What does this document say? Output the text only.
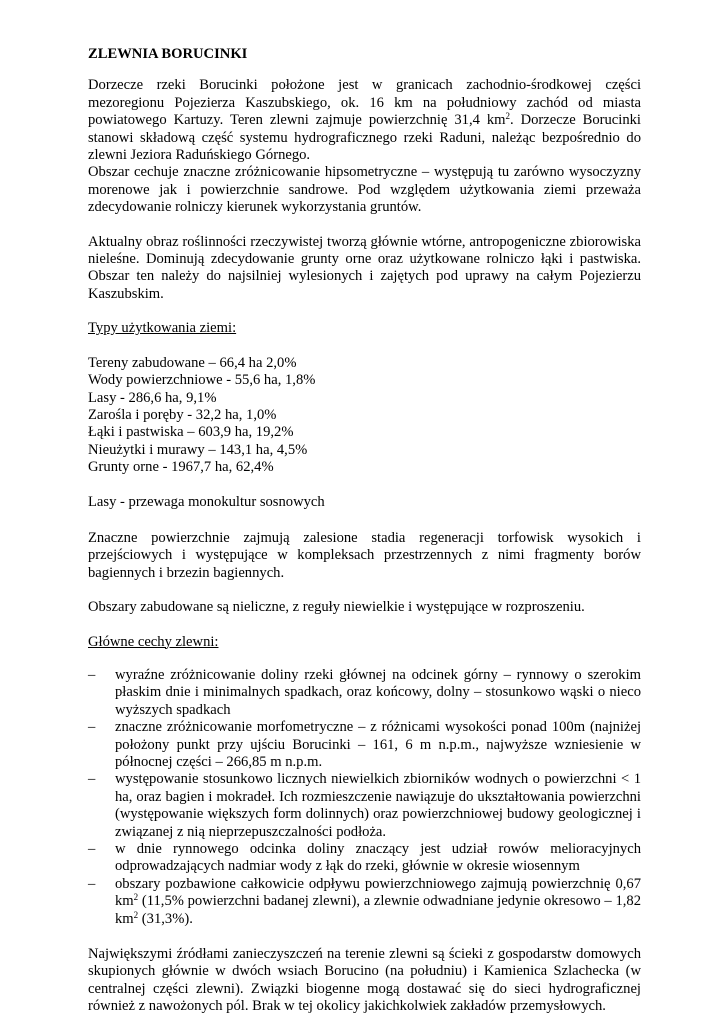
ZLEWNIA BORUCINKI

Dorzecze rzeki Borucinki położone jest w granicach zachodnio-środkowej części mezoregionu Pojezierza Kaszubskiego, ok. 16 km na południowy zachód od miasta powiatowego Kartuzy. Teren zlewni zajmuje powierzchnię 31,4 $km^2$. Dorzecze Borucinki stanowi składową część systemu hydrograficznego rzeki Raduni, należąc bezpośrednio do zlewni Jeziora Raduńskiego Górnego.

Obszar cechuje znaczne zróżnicowanie hipsometryczne – występują tu zarówno wysoczyzny morenowe jak i powierzchnie sandrowe. Pod względem użytkowania ziemi przeważa zdecydowanie rolniczy kierunek wykorzystania gruntów.

Aktualny obraz roślinności rzeczywistej tworzą głównie wtórne, antropogeniczne zbiorowiska nieleśne. Dominują zdecydowanie grunty orne oraz użytkowane rolniczo łąki i pastwiska. Obszar ten należy do najsilniej wylesionych i zajętych pod uprawy na całym Pojezierzu Kaszubskim.

Typy użytkowania ziemi:

Tereny zabudowane – 66,4 ha 2,0%

Wody powierzchniowe - 55,6 ha, 1,8%

Lasy - 286,6 ha, 9,1%

Zarośla i poręby - 32,2 ha, 1,0%

Łąki i pastwiska – 603,9 ha, 19,2%

Nieużytki i murawy – 143,1 ha, 4,5%

Grunty orne - 1967,7 ha, 62,4%

Lasy - przewaga monokultur sosnowych

Znaczne powierzchnie zajmują zalesione stadia regeneracji torfowisk wysokich i przejściowych i występujące w kompleksach przestrzennych z nimi fragmenty borów bagiennych i brzezin bagiennych.

Obszary zabudowane są nieliczne, z reguły niewielkie i występujące w rozproszeniu.

Główne cechy zlewni:

– wyraźne zróżnicowanie doliny rzeki głównej na odcinek górny – rynnowy o szerokim płaskim dnie i minimalnych spadkach, oraz końcowy, dolny – stosunkowo wąski o nieco wyższych spadkach
– znaczne zróżnicowanie morfometryczne – z różnicami wysokości ponad 100m (najniżej położony punkt przy ujściu Borucinki – 161, 6 m n.p.m., najwyższe wzniesienie w północnej części – 266,85 m n.p.m.
– występowanie stosunkowo licznych niewielkich zbiorników wodnych o powierzchni < 1 ha, oraz bagien i mokradeł. Ich rozmieszczenie nawiązuje do ukształtowania powierzchni (występowanie większych form dolinnych) oraz powierzchniowej budowy geologicznej i związanej z nią nieprzepuszczalności podłoża.
– w dnie rynnowego odcinka doliny znaczący jest udział rowów melioracyjnych odprowadzających nadmiar wody z łąk do rzeki, głównie w okresie wiosennym
– obszary pozbawione całkowicie odpływu powierzchniowego zajmują powierzchnię 0,67 $km^2$ (11,5% powierzchni badanej zlewni), a zlewnie odwadniane jedynie okresowo – 1,82 $km^2$ (31,3%).

Największymi źródłami zanieczyszczeń na terenie zlewni są ścieki z gospodarstw domowych skupionych głównie w dwóch wsiach Borucino (na południu) i Kamienica Szlachecka (w centralnej części zlewni). Związki biogenne mogą dostawać się do sieci hydrograficznej również z nawożonych pól. Brak w tej okolicy jakichkolwiek zakładów przemysłowych.
